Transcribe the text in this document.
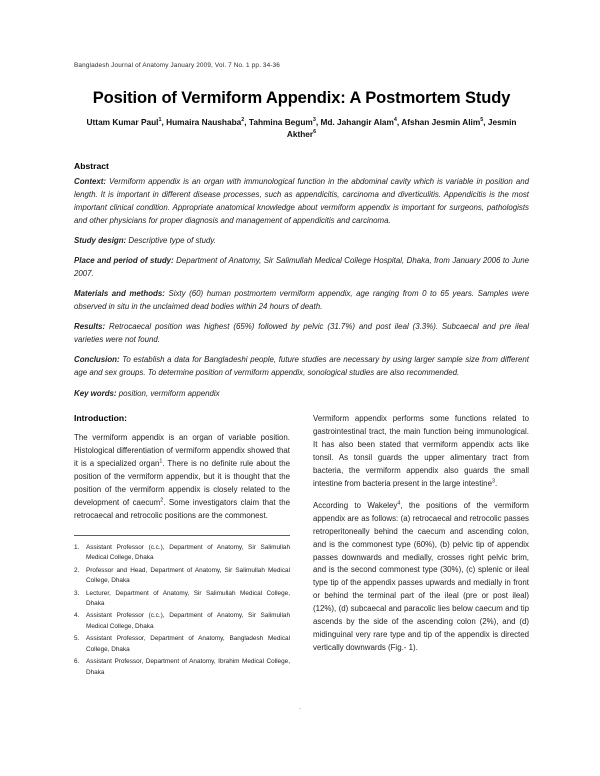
Bangladesh Journal of Anatomy January 2009, Vol. 7 No. 1 pp. 34-36
Position of Vermiform Appendix: A Postmortem Study
Uttam Kumar Paul$^1$, Humaira Naushaba$^2$, Tahmina Begum$^3$, Md. Jahangir Alam$^4$, Afshan Jesmin Alim$^5$, Jesmin Akther$^6$
Abstract

Context: Vermiform appendix is an organ with immunological function in the abdominal cavity which is variable in position and length. It is important in different disease processes, such as appendicitis, carcinoma and diverticulitis. Appendicitis is the most important clinical condition. Appropriate anatomical knowledge about vermiform appendix is important for surgeons, pathologists and other physicians for proper diagnosis and management of appendicitis and carcinoma.

Study design: Descriptive type of study.

Place and period of study: Department of Anatomy, Sir Salimullah Medical College Hospital, Dhaka, from January 2006 to June 2007.

Materials and methods: Sixty (60) human postmortem vermiform appendix, age ranging from 0 to 65 years. Samples were observed in situ in the unclaimed dead bodies within 24 hours of death.

Results: Retrocaecal position was highest (65%) followed by pelvic (31.7%) and post ileal (3.3%). Subcaecal and pre ileal varieties were not found.

Conclusion: To establish a data for Bangladeshi people, future studies are necessary by using larger sample size from different age and sex groups. To determine position of vermiform appendix, sonological studies are also recommended.

Key words: position, vermiform appendix

Introduction:

The vermiform appendix is an organ of variable position. Histological differentiation of vermiform appendix showed that it is a specialized organ$^1$. There is no definite rule about the position of the vermiform appendix, but it is thought that the position of the vermiform appendix is closely related to the development of caecum$^2$. Some investigators claim that the retrocaecal and retrocolic positions are the commonest.

1.	Assistant Professor (c.c.), Department of Anatomy, Sir Salimullah Medical College, Dhaka
2.	Professor and Head, Department of Anatomy, Sir Salimullah Medical College, Dhaka
3.	Lecturer, Department of Anatomy, Sir Salimullah Medical College, Dhaka
4.	Assistant Professor (c.c.), Department of Anatomy, Sir Salimullah Medical College, Dhaka
5.	Assistant Professor, Department of Anatomy, Bangladesh Medical College, Dhaka
6.	Assistant Professor, Department of Anatomy, Ibrahim Medical College, Dhaka

Vermiform appendix performs some functions related to gastrointestinal tract, the main function being immunological. It has also been stated that vermiform appendix acts like tonsil. As tonsil guards the upper alimentary tract from bacteria, the vermiform appendix also guards the small intestine from bacteria present in the large intestine$^3$.

According to Wakeley$^4$, the positions of the vermiform appendix are as follows: (a) retrocaecal and retrocolic passes retroperitoneally behind the caecum and ascending colon, and is the commonest type (60%), (b) pelvic tip of appendix passes downwards and medially, crosses right pelvic brim, and is the second commonest type (30%), (c) splenic or ileal type tip of the appendix passes upwards and medially in front or behind the terminal part of the ileal (pre or post ileal) (12%), (d) subcaecal and paracolic lies below caecum and tip ascends by the side of the ascending colon (2%), and (d) midinguinal very rare type and tip of the appendix is directed vertically downwards (Fig.- 1).

.
